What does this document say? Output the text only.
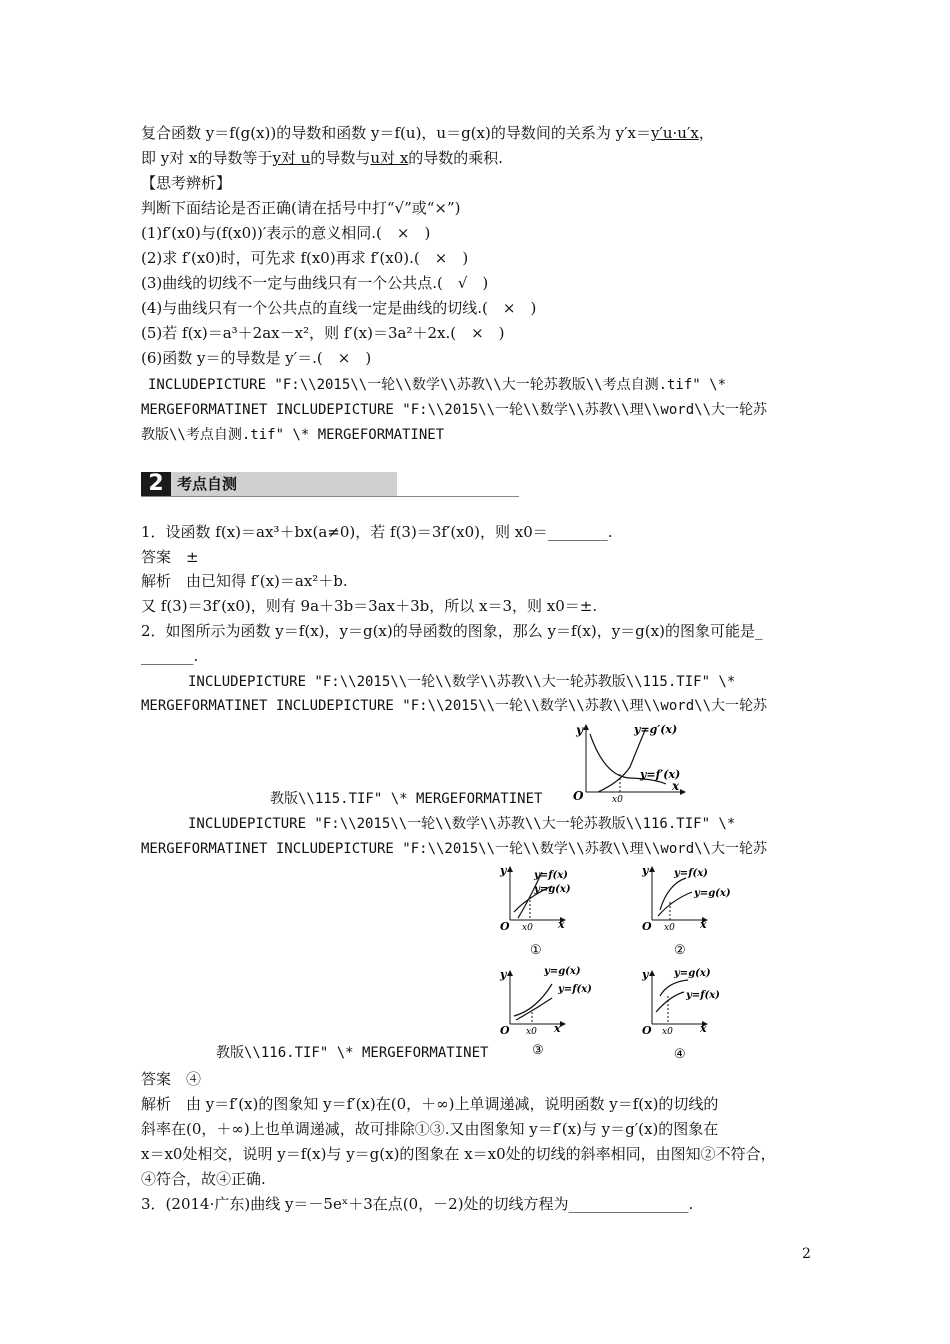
复合函数 y＝f(g(x))的导数和函数 y＝f(u)，u＝g(x)的导数间的关系为 y′x＝y′u·u′x，
即 y对 x的导数等于y对 u的导数与u对 x的导数的乘积.
【思考辨析】
判断下面结论是否正确(请在括号中打“√”或“×”)
(1)f′(x0)与(f(x0))′表示的意义相同.(　×　)
(2)求 f′(x0)时，可先求 f(x0)再求 f′(x0).(　×　)
(3)曲线的切线不一定与曲线只有一个公共点.(　√　)
(4)与曲线只有一个公共点的直线一定是曲线的切线.(　×　)
(5)若 f(x)＝a³＋2ax－x²，则 f′(x)＝3a²＋2x.(　×　)
(6)函数 y＝的导数是 y′＝.(　×　)
INCLUDEPICTURE "F:\\2015\\一轮\\数学\\苏教\\大一轮苏教版\\考点自测.tif" \*
MERGEFORMATINET INCLUDEPICTURE "F:\\2015\\一轮\\数学\\苏教\\理\\word\\大一轮苏
教版\\考点自测.tif" \* MERGEFORMATINET
2 考点自测
1．设函数 f(x)＝ax³＋bx(a≠0)，若 f(3)＝3f′(x0)，则 x0＝________.
答案　±
解析　由已知得 f′(x)＝ax²＋b.
又 f(3)＝3f′(x0)，则有 9a＋3b＝3ax＋3b，所以 x＝3，则 x0＝±.
2．如图所示为函数 y＝f(x)，y＝g(x)的导函数的图象，那么 y＝f(x)，y＝g(x)的图象可能是_
_______.
INCLUDEPICTURE "F:\\2015\\一轮\\数学\\苏教\\大一轮苏教版\\115.TIF" \*
MERGEFORMATINET INCLUDEPICTURE "F:\\2015\\一轮\\数学\\苏教\\理\\word\\大一轮苏
教版\\115.TIF" \* MERGEFORMATINET
y
x
O	x0
y=g′(x)
y=f′(x)
INCLUDEPICTURE "F:\\2015\\一轮\\数学\\苏教\\大一轮苏教版\\116.TIF" \*
MERGEFORMATINET INCLUDEPICTURE "F:\\2015\\一轮\\数学\\苏教\\理\\word\\大一轮苏
教版\\116.TIF" \* MERGEFORMATINET
y
x
O x0
y=f(x)
y=g(x)
①
y
x
O x0
y=f(x)
y=g(x)
②
y
x
O x0
y=g(x)
y=f(x)
③
y
x
O x0
y=g(x)
y=f(x)
④
答案　④
解析　由 y＝f′(x)的图象知 y＝f′(x)在(0，＋∞)上单调递减，说明函数 y＝f(x)的切线的
斜率在(0，＋∞)上也单调递减，故可排除①③.又由图象知 y＝f′(x)与 y＝g′(x)的图象在
x＝x0处相交，说明 y＝f(x)与 y＝g(x)的图象在 x＝x0处的切线的斜率相同，由图知②不符合，
④符合，故④正确.
3．(2014·广东)曲线 y＝－5eˣ＋3在点(0，－2)处的切线方程为________________.
2
